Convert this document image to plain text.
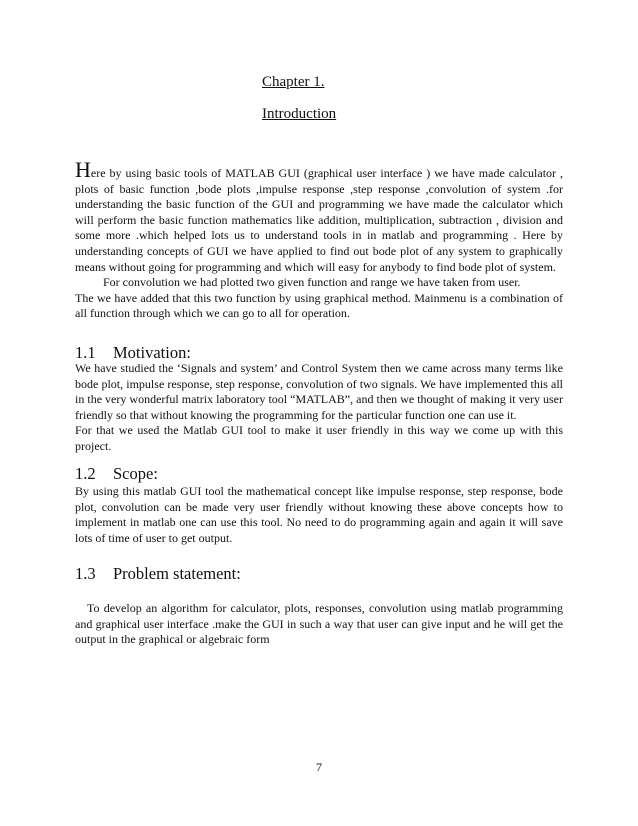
Chapter 1.
Introduction
Here by using basic tools of MATLAB GUI (graphical user interface ) we have made calculator , plots of basic function ,bode plots ,impulse response ,step response ,convolution of system .for understanding the basic function of the GUI and programming we have made the calculator which will perform the basic function mathematics like addition, multiplication, subtraction , division and some more .which helped lots us to understand tools in in matlab and programming . Here by understanding concepts of GUI we have applied to find out bode plot of any system to graphically means without going for programming and which will easy for anybody to find bode plot of system.
For convolution we had plotted two given function and range we have taken from user.
The we have added that this two function by using graphical method. Mainmenu is a combination of all function through which we can go to all for operation.
1.1 Motivation:
We have studied the ‘Signals and system’ and Control System then we came across many terms like bode plot, impulse response, step response, convolution of two signals. We have implemented this all in the very wonderful matrix laboratory tool “MATLAB”, and then we thought of making it very user friendly so that without knowing the programming for the particular function one can use it.
For that we used the Matlab GUI tool to make it user friendly in this way we come up with this project.
1.2 Scope:
By using this matlab GUI tool the mathematical concept like impulse response, step response, bode plot, convolution can be made very user friendly without knowing these above concepts how to implement in matlab one can use this tool. No need to do programming again and again it will save lots of time of user to get output.
1.3 Problem statement:
To develop an algorithm for calculator, plots, responses, convolution using matlab programming and graphical user interface .make the GUI in such a way that user can give input and he will get the output in the graphical or algebraic form
7
